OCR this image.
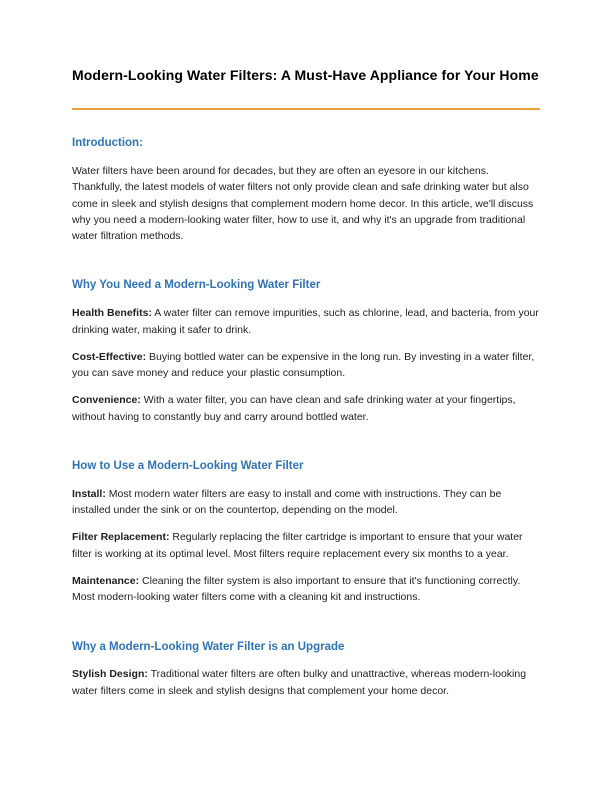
Modern-Looking Water Filters: A Must-Have Appliance for Your Home
Introduction:

Water filters have been around for decades, but they are often an eyesore in our kitchens. Thankfully, the latest models of water filters not only provide clean and safe drinking water but also come in sleek and stylish designs that complement modern home decor. In this article, we'll discuss why you need a modern-looking water filter, how to use it, and why it's an upgrade from traditional water filtration methods.

Why You Need a Modern-Looking Water Filter

Health Benefits: A water filter can remove impurities, such as chlorine, lead, and bacteria, from your drinking water, making it safer to drink.

Cost-Effective: Buying bottled water can be expensive in the long run. By investing in a water filter, you can save money and reduce your plastic consumption.

Convenience: With a water filter, you can have clean and safe drinking water at your fingertips, without having to constantly buy and carry around bottled water.

How to Use a Modern-Looking Water Filter

Install: Most modern water filters are easy to install and come with instructions. They can be installed under the sink or on the countertop, depending on the model.

Filter Replacement: Regularly replacing the filter cartridge is important to ensure that your water filter is working at its optimal level. Most filters require replacement every six months to a year.

Maintenance: Cleaning the filter system is also important to ensure that it's functioning correctly. Most modern-looking water filters come with a cleaning kit and instructions.

Why a Modern-Looking Water Filter is an Upgrade

Stylish Design: Traditional water filters are often bulky and unattractive, whereas modern-looking water filters come in sleek and stylish designs that complement your home decor.
